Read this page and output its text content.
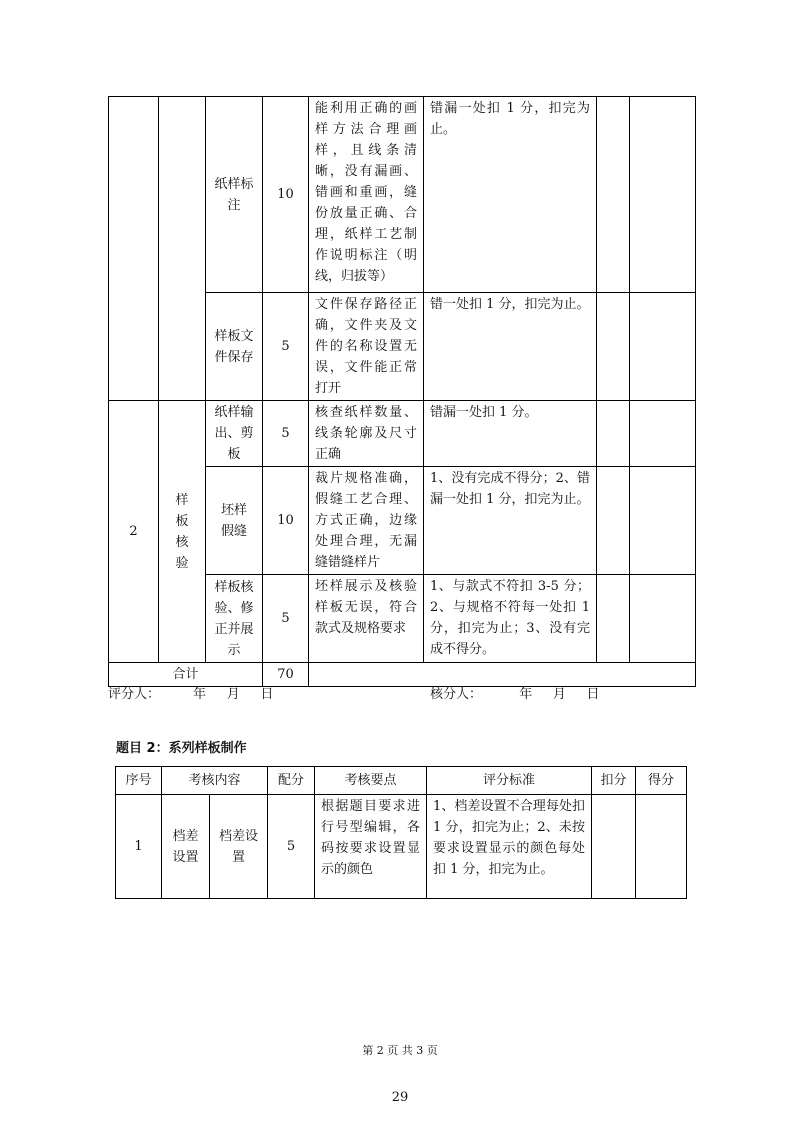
		纸样标注	10	能利用正确的画样方法合理画样，且线条清晰，没有漏画、错画和重画，缝份放量正确、合理，纸样工艺制作说明标注（明线，归拔等）	错漏一处扣 1 分，扣完为止。		
		样板文件保存	5	文件保存路径正确，文件夹及文件的名称设置无误，文件能正常打开	错一处扣 1 分，扣完为止。		
2	样板核验	纸样输出、剪板	5	核查纸样数量、线条轮廓及尺寸正确	错漏一处扣 1 分。		
		坯样假缝	10	裁片规格准确，假缝工艺合理、方式正确，边缘处理合理，无漏缝错缝样片	1、没有完成不得分；2、错漏一处扣 1 分，扣完为止。		
		样板核验、修正并展示	5	坯样展示及核验样板无误，符合款式及规格要求	1、与款式不符扣 3-5 分；2、与规格不符每一处扣 1 分，扣完为止；3、没有完成不得分。		
合计			70				
评分人：        年     月     日	核分人：         年     月     日
题目 2：系列样板制作
序号	考核内容		配分	考核要点	评分标准	扣分	得分
1	档差设置	档差设置	5	根据题目要求进行号型编辑，各码按要求设置显示的颜色	1、档差设置不合理每处扣 1 分，扣完为止；2、未按要求设置显示的颜色每处扣 1 分，扣完为止。		
第 2 页 共 3 页
29
